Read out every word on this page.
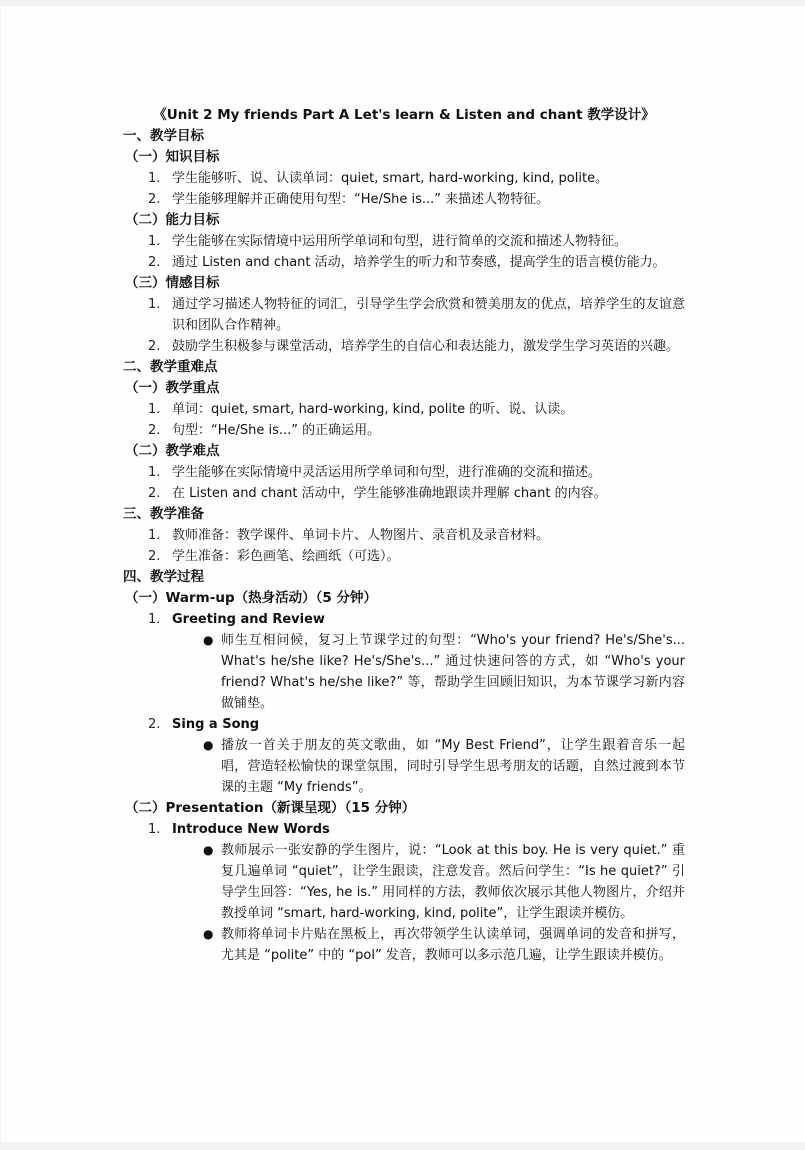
《Unit 2 My friends Part A Let's learn & Listen and chant 教学设计》
一、教学目标
（一）知识目标
1. 学生能够听、说、认读单词：quiet, smart, hard-working, kind, polite。
2. 学生能够理解并正确使用句型：“He/She is...” 来描述人物特征。
（二）能力目标
1. 学生能够在实际情境中运用所学单词和句型，进行简单的交流和描述人物特征。
2. 通过 Listen and chant 活动，培养学生的听力和节奏感，提高学生的语言模仿能力。
（三）情感目标
1. 通过学习描述人物特征的词汇，引导学生学会欣赏和赞美朋友的优点，培养学生的友谊意识和团队合作精神。
2. 鼓励学生积极参与课堂活动，培养学生的自信心和表达能力，激发学生学习英语的兴趣。
二、教学重难点
（一）教学重点
1. 单词：quiet, smart, hard-working, kind, polite 的听、说、认读。
2. 句型：“He/She is...” 的正确运用。
（二）教学难点
1. 学生能够在实际情境中灵活运用所学单词和句型，进行准确的交流和描述。
2. 在 Listen and chant 活动中，学生能够准确地跟读并理解 chant 的内容。
三、教学准备
1. 教师准备：教学课件、单词卡片、人物图片、录音机及录音材料。
2. 学生准备：彩色画笔、绘画纸（可选）。
四、教学过程
（一）Warm-up（热身活动）（5 分钟）
1. Greeting and Review
● 师生互相问候，复习上节课学过的句型：“Who's your friend? He's/She's... What's he/she like? He's/She's...” 通过快速问答的方式，如 “Who's your friend? What's he/she like?” 等，帮助学生回顾旧知识，为本节课学习新内容做铺垫。
2. Sing a Song
● 播放一首关于朋友的英文歌曲，如 “My Best Friend”，让学生跟着音乐一起唱，营造轻松愉快的课堂氛围，同时引导学生思考朋友的话题，自然过渡到本节课的主题 “My friends”。
（二）Presentation（新课呈现）（15 分钟）
1. Introduce New Words
● 教师展示一张安静的学生图片，说：“Look at this boy. He is very quiet.” 重复几遍单词 “quiet”，让学生跟读，注意发音。然后问学生：“Is he quiet?” 引导学生回答：“Yes, he is.” 用同样的方法，教师依次展示其他人物图片，介绍并教授单词 “smart, hard-working, kind, polite”，让学生跟读并模仿。
● 教师将单词卡片贴在黑板上，再次带领学生认读单词，强调单词的发音和拼写，尤其是 “polite” 中的 “pol” 发音，教师可以多示范几遍，让学生跟读并模仿。
